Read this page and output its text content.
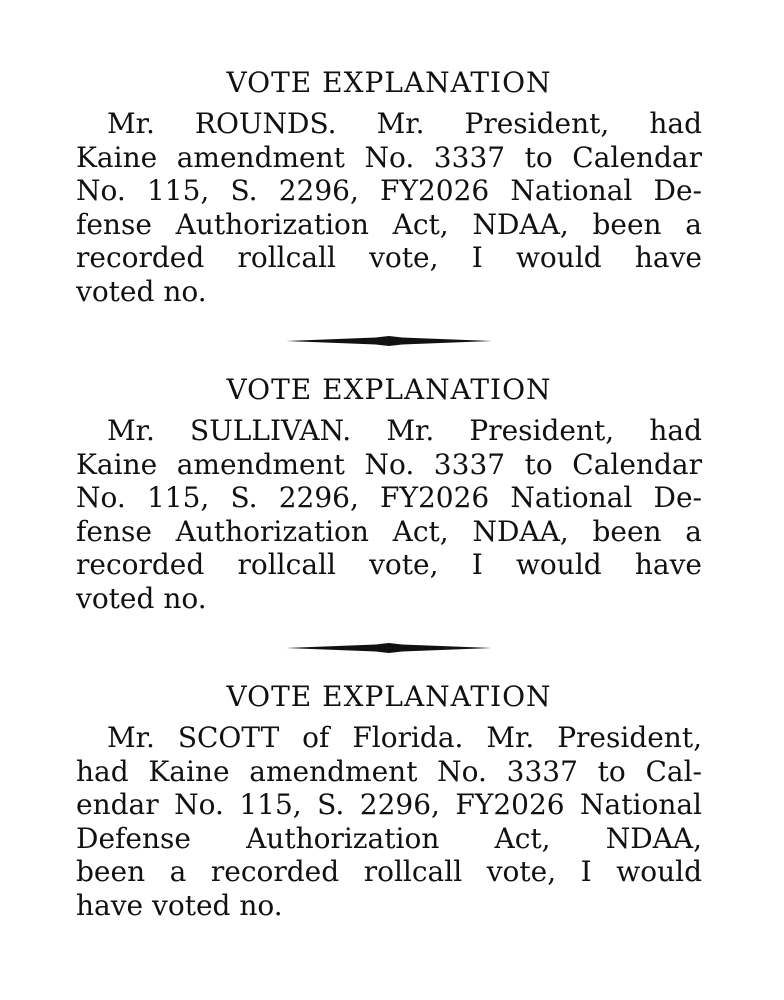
VOTE EXPLANATION
Mr. ROUNDS. Mr. President, had
Kaine amendment No. 3337 to Calendar
No. 115, S. 2296, FY2026 National De-
fense Authorization Act, NDAA, been a
recorded rollcall vote, I would have
voted no.
VOTE EXPLANATION
Mr. SULLIVAN. Mr. President, had
Kaine amendment No. 3337 to Calendar
No. 115, S. 2296, FY2026 National De-
fense Authorization Act, NDAA, been a
recorded rollcall vote, I would have
voted no.
VOTE EXPLANATION
Mr. SCOTT of Florida. Mr. President,
had Kaine amendment No. 3337 to Cal-
endar No. 115, S. 2296, FY2026 National
Defense Authorization Act, NDAA,
been a recorded rollcall vote, I would
have voted no.
